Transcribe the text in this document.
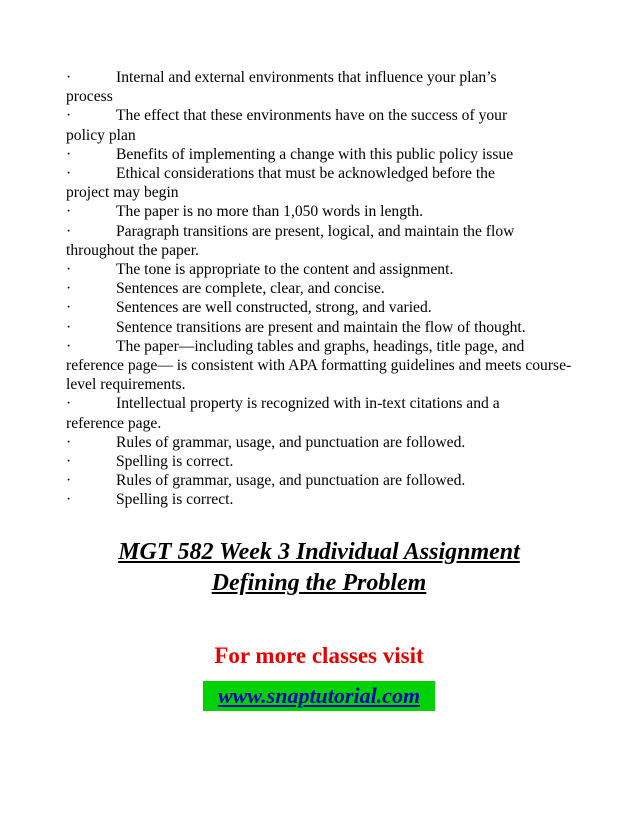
·	Internal and external environments that influence your plan’s
process
·	The effect that these environments have on the success of your
policy plan
·	Benefits of implementing a change with this public policy issue
·	Ethical considerations that must be acknowledged before the
project may begin
·	The paper is no more than 1,050 words in length.
·	Paragraph transitions are present, logical, and maintain the flow
throughout the paper.
·	The tone is appropriate to the content and assignment.
·	Sentences are complete, clear, and concise.
·	Sentences are well constructed, strong, and varied.
·	Sentence transitions are present and maintain the flow of thought.
·	The paper—including tables and graphs, headings, title page, and
reference page— is consistent with APA formatting guidelines and meets course-level requirements.
·	Intellectual property is recognized with in-text citations and a
reference page.
·	Rules of grammar, usage, and punctuation are followed.
·	Spelling is correct.
·	Rules of grammar, usage, and punctuation are followed.
·	Spelling is correct.
MGT 582 Week 3 Individual Assignment
Defining the Problem
For more classes visit
www.snaptutorial.com
